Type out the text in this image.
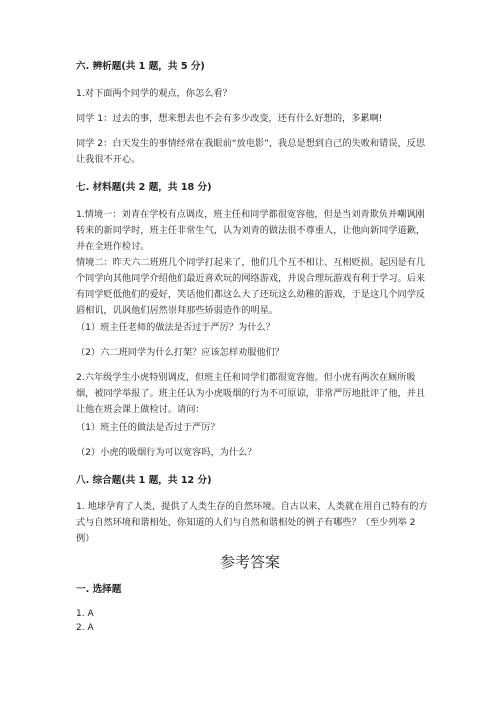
六. 辨析题(共 1 题，共 5 分)
1.对下面两个同学的观点，你怎么看？
同学 1：过去的事，想来想去也不会有多少改变，还有什么好想的，多累啊!
同学 2：白天发生的事情经常在我眼前“放电影”，我总是想到自己的失败和错误，反思让我很不开心。
七. 材料题(共 2 题，共 18 分)
1.情境一：刘青在学校有点调皮，班主任和同学都很宽容他，但是当刘青欺负并嘲讽刚转来的新同学时，班主任非常生气，认为刘青的做法很不尊重人，让他向新同学道歉，并在全班作检讨。
情境二：昨天六二班班几个同学打起来了，他们几个互不相让、互相贬损。起因是有几个同学向其他同学介绍他们最近喜欢玩的网络游戏，并说合理玩游戏有利于学习。后来有同学贬低他们的爱好，笑话他们都这么大了还玩这么幼稚的游戏，于是这几个同学反唇相讥，讥讽他们居然崇拜那些矫弱造作的明星。
（1）班主任老师的做法是否过于严厉？为什么？
（2）六二班同学为什么打架？应该怎样劝服他们？
2.六年级学生小虎特别调皮，但班主任和同学们都很宽容他。但小虎有两次在厕所吸烟，被同学举报了。班主任认为小虎吸烟的行为不可原谅，非常严厉地批评了他，并且让他在班会课上做检讨。请问：
（1）班主任的做法是否过于严厉？
（2）小虎的吸烟行为可以宽容吗，为什么？
八. 综合题(共 1 题，共 12 分)
1. 地球孕育了人类，提供了人类生存的自然环境。自古以来，人类就在用自己特有的方式与自然环境和谐相处，你知道的人们与自然和谐相处的例子有哪些？（至少列举 2 例）
参考答案
一. 选择题
1. A
2. A
